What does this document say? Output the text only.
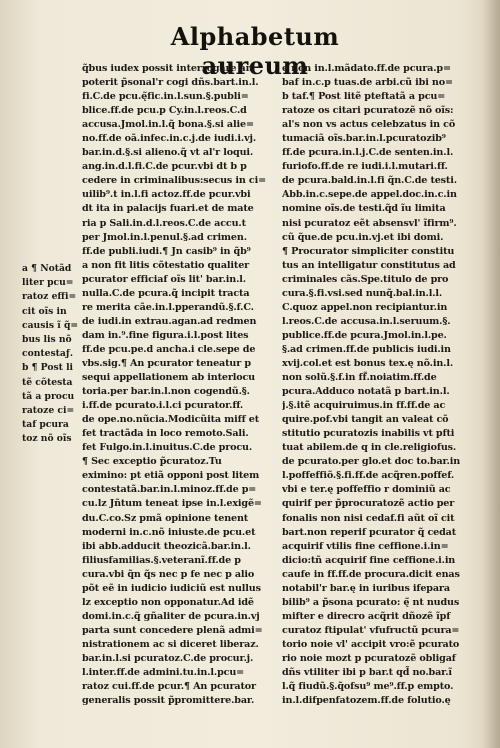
Alphabetum aureum
a ¶ Notãd
liter pcu=
ratoz effi=
cit oĩs in
causis ĩ q̃=
bus lis nõ
contestaƒ.
b ¶ Post li
tẽ cõtesta
tã a procu
ratoze ci=
taf pcura
toz nõ oĩs
q̃bus iudex possit interrogare an
poterit p̃sonal'r cogi dñs.bart.in.l.
fi.C.de pcu.ę̃fic.in.l.sun.§.publi=
blice.ff.de pcu.p Cy.in.l.reos.C.d
accusa.Jmol.in.l.q̃ bona.§.si alie=
no.ff.de oã.infec.in.c.j.de iudi.i.vj.
bar.in.d.§.si alieno.q̃ vt al'r loqui.
ang.in.d.l.fi.C.de pcur.vbi dt b p
cedere in criminalibus:secus in ci=
uilib⁹.t in.l.fi actoz.ff.de pcur.vbi
dt ita in palacijs fuari.et de mate
ria p Sali.in.d.l.reos.C.de accu.t
per Jmol.in.l.penul.§.ad crimen.
ff.de publi.iudi.¶ Jn casib⁹ in q̃b⁹
a non fit litis cõtestatio qualiter
pcurator efficiaf oĩs lit' bar.in.l.
nulla.C.de pcura.q̃ incipit tracta
re merita cãe.in.l.pperandũ.§.f.C.
de iudi.in extrau.agan.ad redmen
dam in.⁹.fine figura.i.l.post lites
ff.de pcu.pe.d ancha.i cle.sepe de
vbs.sig.¶ An pcurator teneatur p
sequi appellationem ab interlocu
toria.per bar.in.l.non cogendũ.§.
i.ff.de pcurato.i.l.ci pcurator.ff.
de ope.no.nũcia.Modicũita miff et
fet tractãda in loco remoto.Sali.
fet Fulgo.in.l.inuitus.C.de procu.
¶ Sec exceptio p̃curatoz.Tu
eximino: pt etiã opponi post litem
contestatã.bar.in.l.minoz.ff.de p=
cu.lz Jñtum teneat ipse in.l.exigẽ=
du.C.co.Sz pmã opinione tenent
moderni in.c.nõ iniuste.de pcu.et
ibi abb.adducit theozicã.bar.in.l.
filiusfamilias.§.veteranĩ.ff.de p
cura.vbi q̃n q̃s nec p fe nec p alio
põt eẽ in iudicio iudiciũ est nullus
lz exceptio non opponatur.Ad idẽ
domi.in.c.q̃ gñaliter de pcura.in.vj
parta sunt concedere plenã admi=
nistrationem ac si diceret liberaz.
bar.in.l.si pcuratoz.C.de procur.j.
l.inter.ff.de admini.tu.in.l.pcu=
ratoz cui.ff.de pcur.¶ An pcurator
generalis possit p̃promittere.bar.
ę non in.l.mãdato.ff.de pcura.p=
baf in.c.p tuas.de arbi.cũ ibi no=
b taf.¶ Post litẽ pteftatã a pcu=
ratoze os citari pcuratozẽ nõ oĩs:
al's non vs actus celebzatus in cõ
tumaciã oĩs.bar.in.l.pcuratozib⁹
ff.de pcura.in.l.j.C.de senten.in.l.
furiofo.ff.de re iudi.i.l.mutari.ff.
de pcura.bald.in.l.fi q̃n.C.de testi.
Abb.in.c.sepe.de appel.doc.in.c.in
nomine oĩs.de testi.q̃d ĩu limita
nisi pcuratoz eẽt absensvl' ĩfirm⁹.
cũ q̃ue.de pcu.in.vj.et ibi domi.
¶ Procurator simpliciter constitu
tus an intelligatur constitutus ad
criminales cãs.Spe.titulo de pro
cura.§.fi.vsi.sed nunq̃.bal.in.l.l.
C.quoz appel.non recipiantur.in
l.reos.C.de accusa.in.l.seruum.§.
publice.ff.de pcura.Jmol.in.l.pe.
§.ad crimen.ff.de publicis iudi.in
xvij.col.et est bonus tex.ę nõ.in.l.
non solũ.§.f.in ff̃.noiatim.ff.de
pcura.Adduco notatã p bart.in.l.
j.§.itẽ acquiruimus.in ff.ff.de ac
quire.pof.vbi tangit an valeat cõ
stitutio pcuratozis inabilis vt pfti
tuat abilem.de q in cle.religiofus.
de pcurato.per glo.et doc to.bar.in
l.poffeffiõ.§.fi.ff.de acq̃ren.poffef.
vbi e ter.ę poffeffio r dominiũ ac
quirif per p̃procuratozẽ actio per
fonalis non nisi cedaf.fi aũt oĩ cit
bart.non reperif pcurator q̃ cedat
acquirif vtilis fine ceffione.i.in=
dicio:tñ acquirif fine ceffione.i.in
caufe in ff.ff.de procura.dicit enas
notabil'r bar.ę in iuribus ifepara
bilib⁹ a p̃sona pcurato: ę̃ nt nudus
mifter e direcro acq̃rit dñozẽ ĩpf
curatoz ftipulat' vfufructũ pcura=
torio noie vl' accipit vro:ẽ pcurato
rio noie mozt p pcuratozẽ obligaf
dñs vtiliter ibi p bar.t qd̃ no.bar.ĩ
l.q̃ fiudũ.§.q̃ofsu⁹ me⁹.ff.p empto.
in.l.difpenfatozem.ff.de folutio.ę
